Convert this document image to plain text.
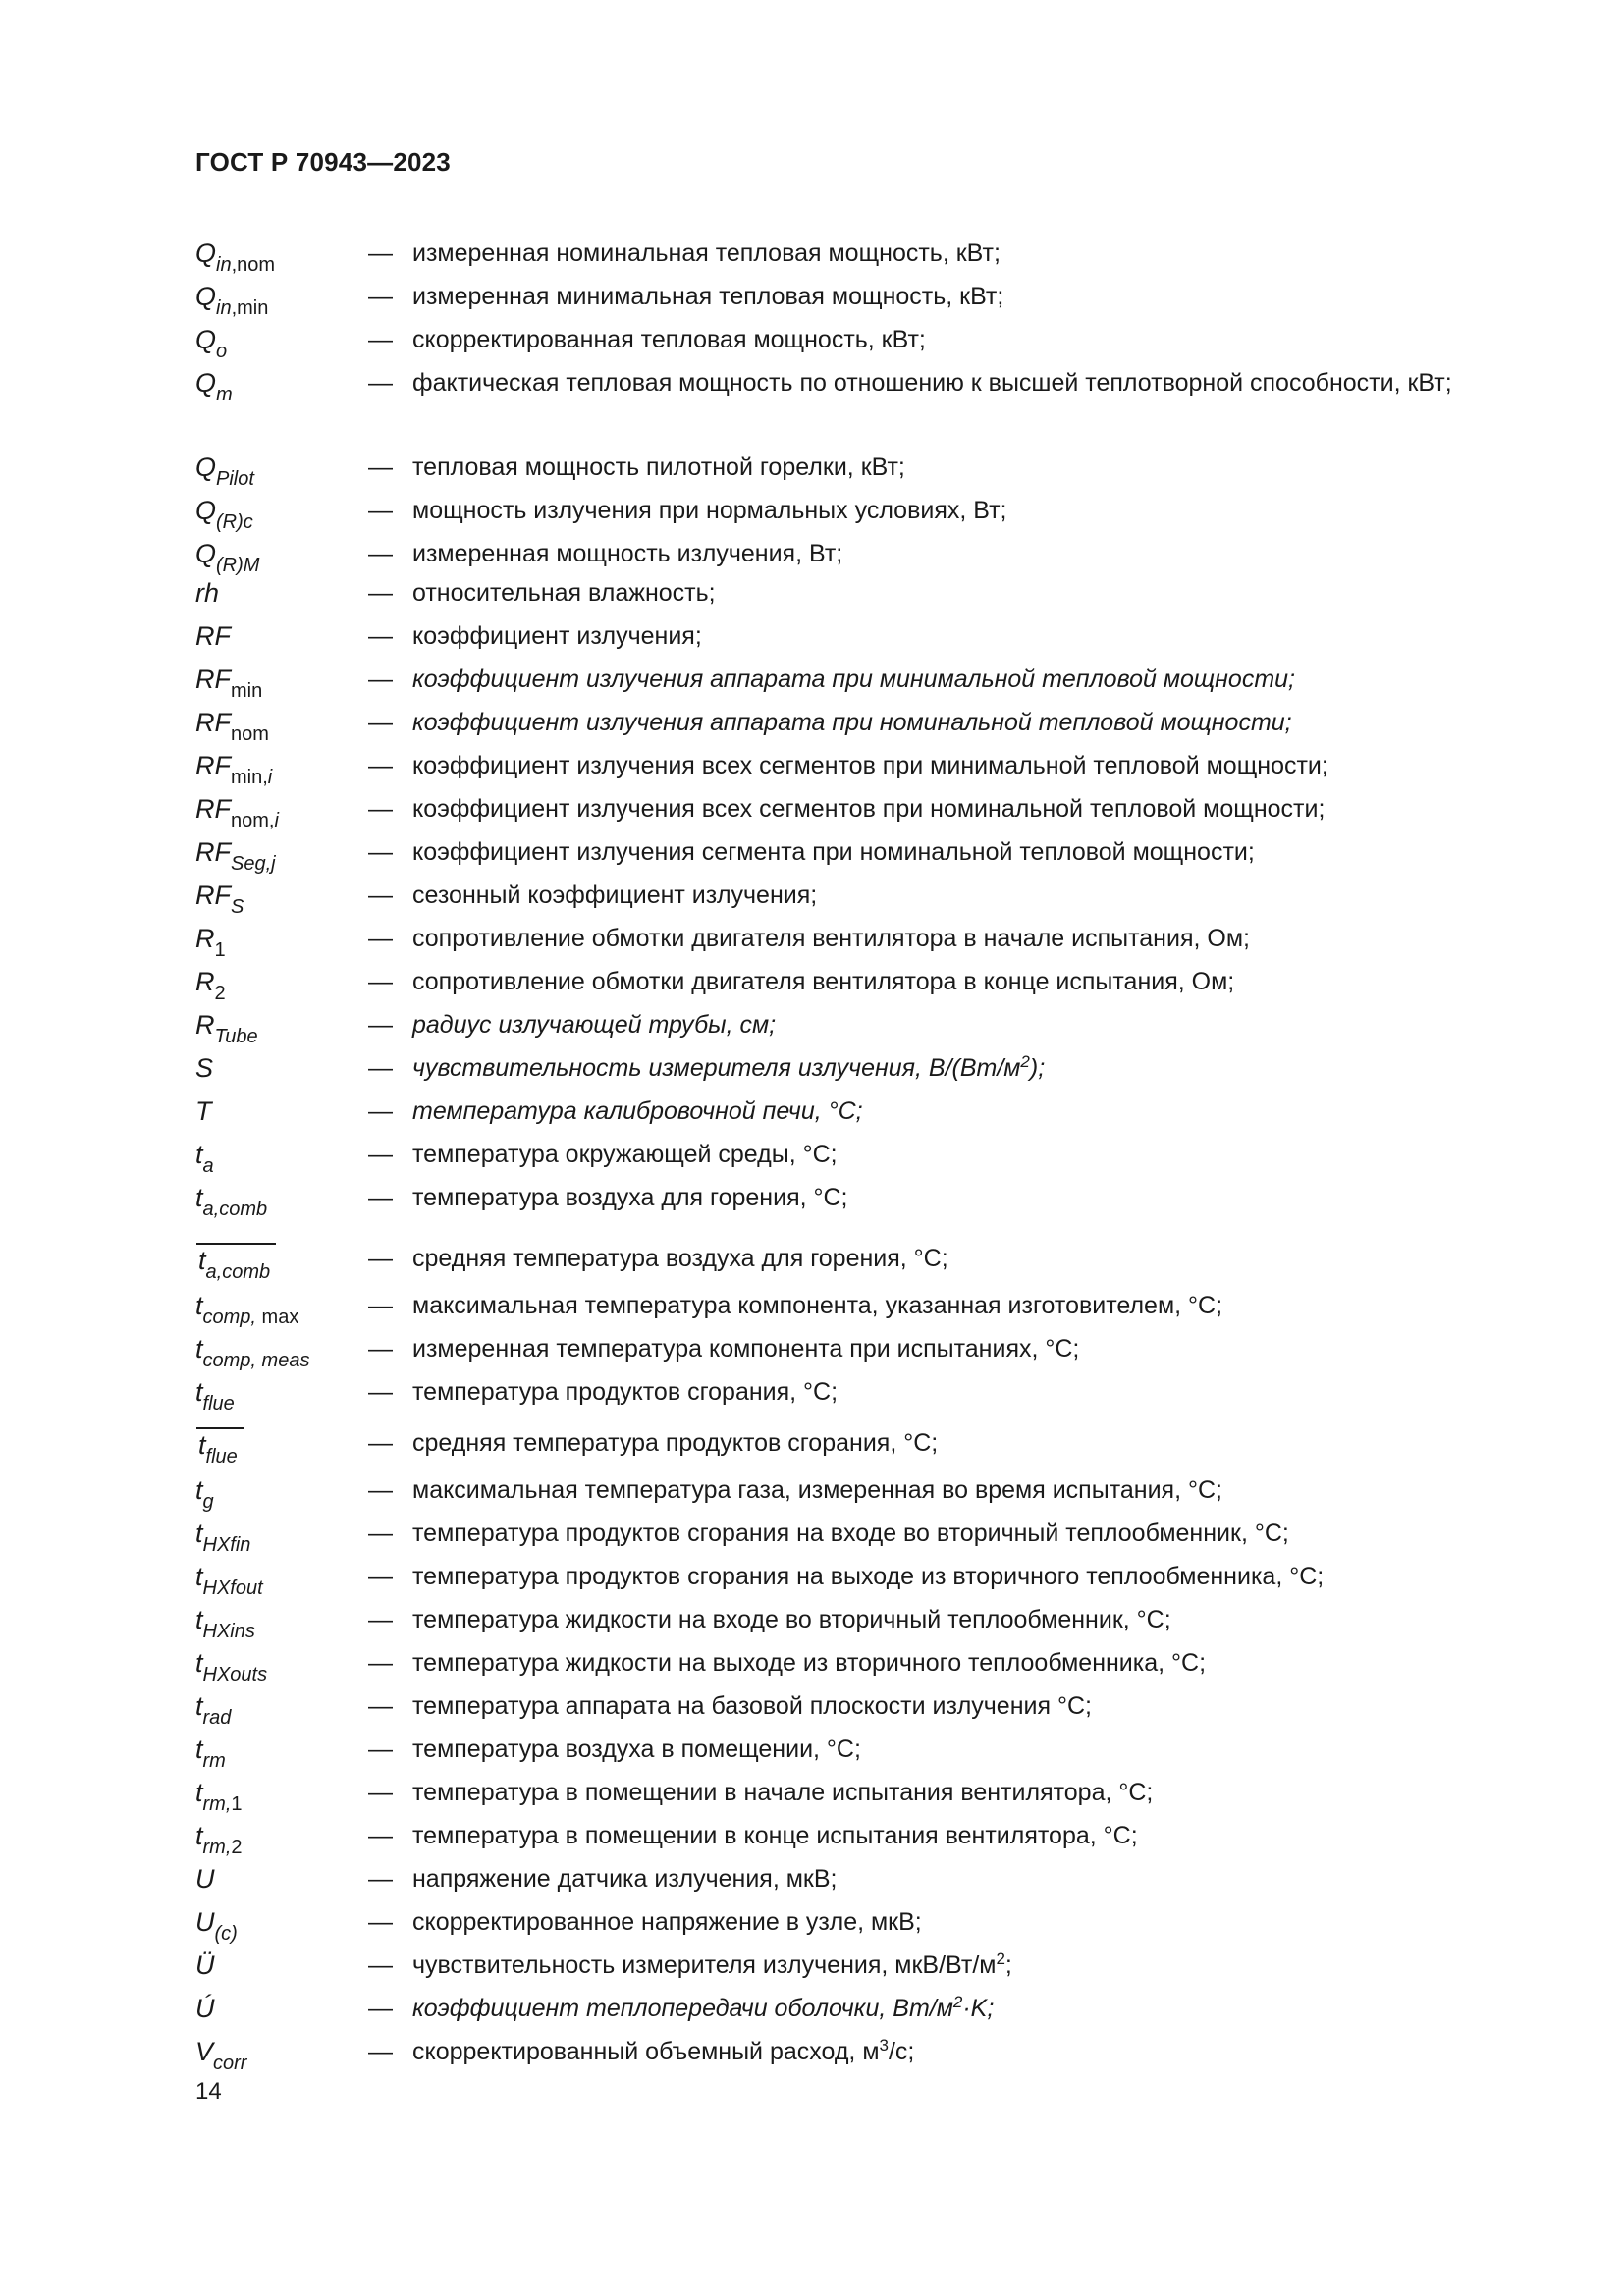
ГОСТ Р 70943—2023
$Q_{in,nom}$	— измеренная номинальная тепловая мощность, кВт;
$Q_{in,min}$	— измеренная минимальная тепловая мощность, кВт;
$Q_o$	— скорректированная тепловая мощность, кВт;
$Q_m$	— фактическая тепловая мощность по отношению к высшей теплотворной способности, кВт;
$Q_{Pilot}$	— тепловая мощность пилотной горелки, кВт;
$Q_{(R)c}$	— мощность излучения при нормальных условиях, Вт;
$Q_{(R)M}$	— измеренная мощность излучения, Вт;
rh	— относительная влажность;
RF	— коэффициент излучения;
$RF_{min}$	— коэффициент излучения аппарата при минимальной тепловой мощности;
$RF_{nom}$	— коэффициент излучения аппарата при номинальной тепловой мощности;
$RF_{min,i}$	— коэффициент излучения всех сегментов при минимальной тепловой мощности;
$RF_{nom,i}$	— коэффициент излучения всех сегментов при номинальной тепловой мощности;
$RF_{Seg,j}$	— коэффициент излучения сегмента при номинальной тепловой мощности;
$RF_S$	— сезонный коэффициент излучения;
$R_1$	— сопротивление обмотки двигателя вентилятора в начале испытания, Ом;
$R_2$	— сопротивление обмотки двигателя вентилятора в конце испытания, Ом;
$R_{Tube}$	— радиус излучающей трубы, см;
S	— чувствительность измерителя излучения, $В/(Вт/м^2)$;
T	— температура калибровочной печи, °С;
$t_a$	— температура окружающей среды, °С;
$t_{a,comb}$	— температура воздуха для горения, °С;
$t_{a,comb}$	— средняя температура воздуха для горения, °С;
$t_{comp, max}$	— максимальная температура компонента, указанная изготовителем, °С;
$t_{comp, meas}$ — измеренная температура компонента при испытаниях, °С;
$t_{flue}$	— температура продуктов сгорания, °С;
$t_{flue}$	— средняя температура продуктов сгорания, °С;
$t_g$	— максимальная температура газа, измеренная во время испытания, °С;
$t_{HXfin}$	— температура продуктов сгорания на входе во вторичный теплообменник, °С;
$t_{HXfout}$	— температура продуктов сгорания на выходе из вторичного теплообменника, °С;
$t_{HXins}$	— температура жидкости на входе во вторичный теплообменник, °С;
$t_{HXouts}$	— температура жидкости на выходе из вторичного теплообменника, °С;
$t_{rad}$	— температура аппарата на базовой плоскости излучения °С;
$t_{rm}$	— температура воздуха в помещении, °С;
$t_{rm,1}$	— температура в помещении в начале испытания вентилятора, °С;
$t_{rm,2}$	— температура в помещении в конце испытания вентилятора, °С;
U	— напряжение датчика излучения, мкВ;
$U_{(c)}$	— скорректированное напряжение в узле, мкВ;
Ü	— чувствительность измерителя излучения, мкВ/$Вт/м^2$;
Ú	— коэффициент теплопередачи оболочки, $Вт/м^2\cdot K$;
$V_{corr}$	— скорректированный объемный расход, $м^3/с$;
14
